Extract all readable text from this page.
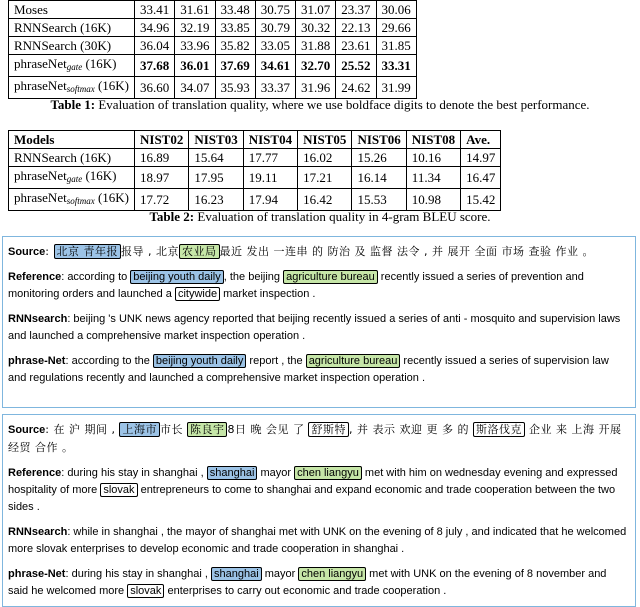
Moses	33.41	31.61	33.48	30.75	31.07	23.37	30.06
RNNSearch (16K)	34.96	32.19	33.85	30.79	30.32	22.13	29.66
RNNSearch (30K)	36.04	33.96	35.82	33.05	31.88	23.61	31.85
phraseNet$_{gate}$ (16K)	37.68	36.01	37.69	34.61	32.70	25.52	33.31
phraseNet$_{softmax}$ (16K)	36.60	34.07	35.93	33.37	31.96	24.62	31.99
Table 1: Evaluation of translation quality, where we use boldface digits to denote the best performance.
Models	NIST02	NIST03	NIST04	NIST05	NIST06	NIST08	Ave.
RNNSearch (16K)	16.89	15.64	17.77	16.02	15.26	10.16	14.97
phraseNet$_{gate}$ (16K)	18.97	17.95	19.11	17.21	16.14	11.34	16.47
phraseNet$_{softmax}$ (16K)	17.72	16.23	17.94	16.42	15.53	10.98	15.42
Table 2: Evaluation of translation quality in 4-gram BLEU score.
Source: 北京 青年报 报导 , 北京 农业局 最近 发出 一连串 的 防治 及 监督 法令 , 并 展开 全面 市场 查验 作业 。
Reference: according to beijing youth daily , the beijing agriculture bureau recently issued a series of prevention and monitoring orders and launched a citywide market inspection .
RNNsearch: beijing 's UNK news agency reported that beijing recently issued a series of anti - mosquito and supervision laws and launched a comprehensive market inspection operation .
phrase-Net: according to the beijing youth daily report , the agriculture bureau recently issued a series of supervision law and regulations recently and launched a comprehensive market inspection operation .
Source: 在 沪 期间 , 上海市 市长 陈良宇 8日 晚 会见 了 舒斯特 , 并 表示 欢迎 更 多 的 斯洛伐克 企业 来 上海 开展 经贸 合作 。
Reference: during his stay in shanghai , shanghai mayor chen liangyu met with him on wednesday evening and expressed hospitality of more slovak entrepreneurs to come to shanghai and expand economic and trade cooperation between the two sides .
RNNsearch: while in shanghai , the mayor of shanghai met with UNK on the evening of 8 july , and indicated that he welcomed more slovak enterprises to develop economic and trade cooperation in shanghai .
phrase-Net: during his stay in shanghai , shanghai mayor chen liangyu met with UNK on the evening of 8 november and said he welcomed more slovak enterprises to carry out economic and trade cooperation .
